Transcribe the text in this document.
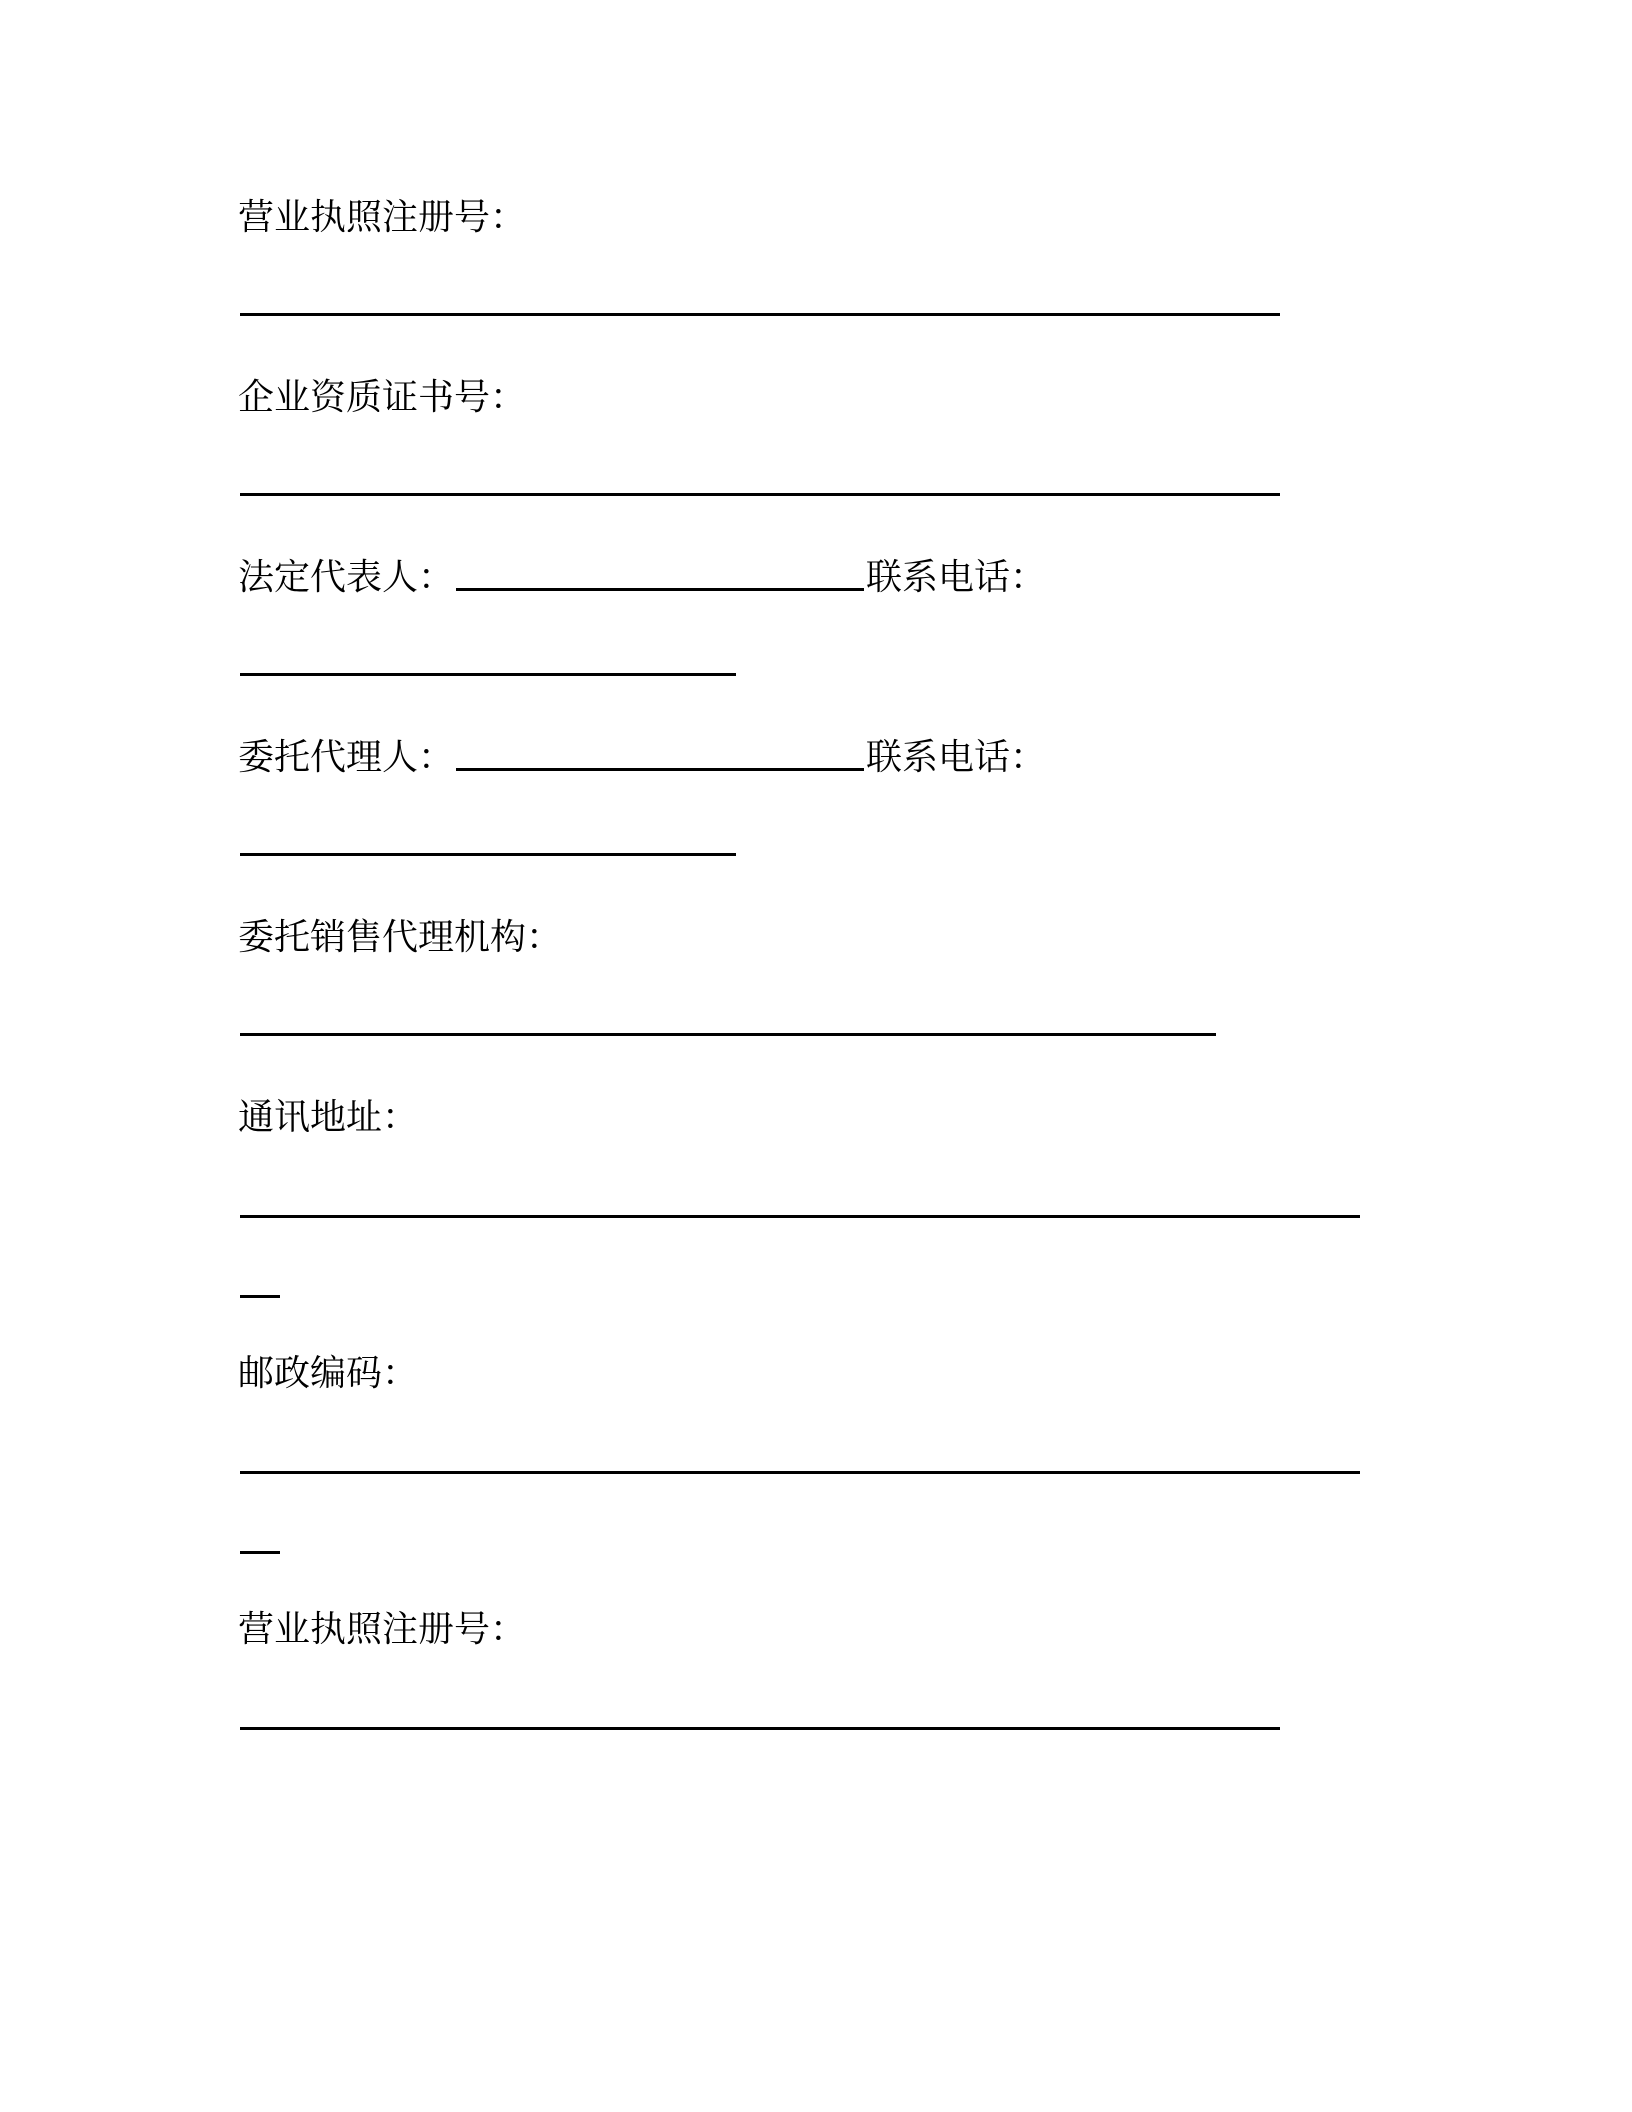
营业执照注册号：
企业资质证书号：
法定代表人：	联系电话：
委托代理人：	联系电话：
委托销售代理机构：
通讯地址：
邮政编码：
营业执照注册号：
